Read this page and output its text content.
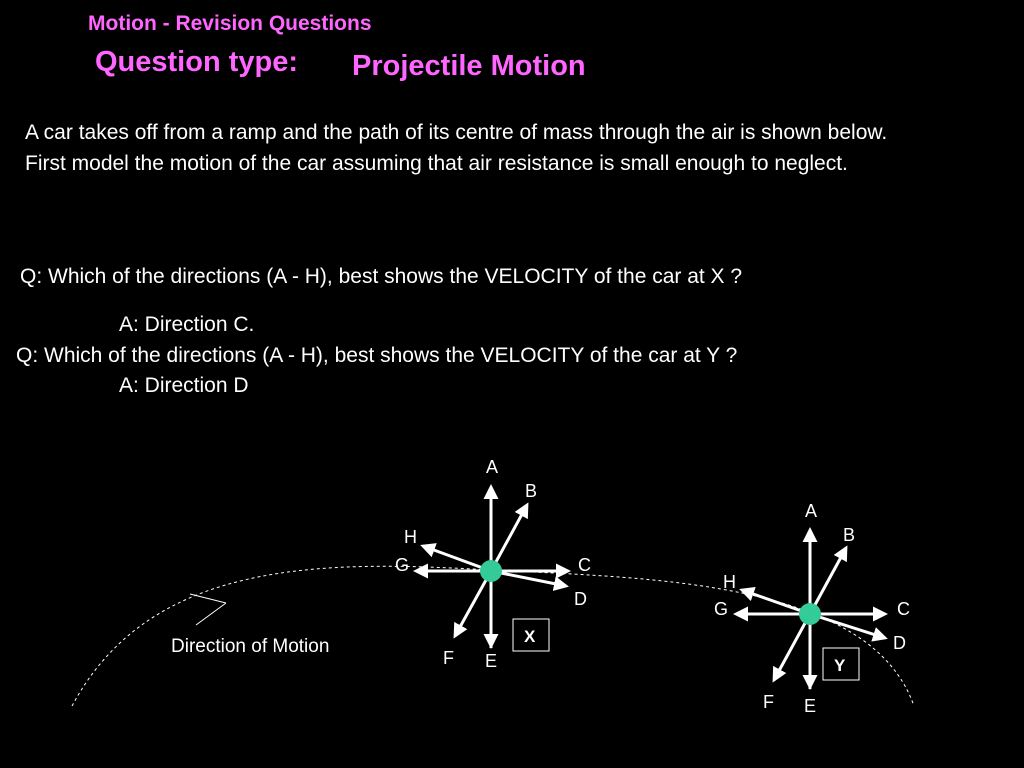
Motion - Revision Questions
Question type: Projectile Motion
A car takes off from a ramp and the path of its centre of mass through the air is shown below.
First model the motion of the car assuming that air resistance is small enough to neglect.
Q: Which of the directions (A - H), best shows the VELOCITY of the car at X ?
A: Direction C.
Q: Which of the directions (A - H), best shows the VELOCITY of the car at Y ?
A: Direction D
Direction of Motion
A
B
C
D
E
F
G
H
X
A
B
C
D
E
F
G
H
Y
